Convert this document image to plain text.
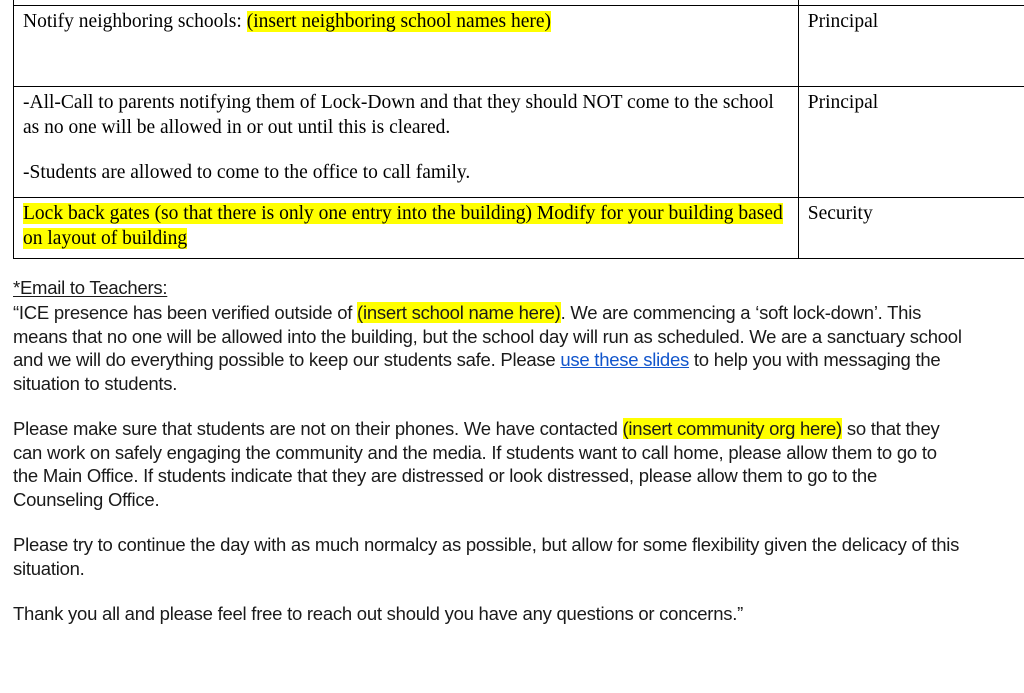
Notify neighboring schools: (insert neighboring school names here)	Principal

-All-Call to parents notifying them of Lock-Down and that they should NOT come to the school as no one will be allowed in or out until this is cleared.

-Students are allowed to come to the office to call family.	Principal

Lock back gates (so that there is only one entry into the building) Modify for your building based on layout of building	Security
*Email to Teachers:

“ICE presence has been verified outside of (insert school name here). We are commencing a ‘soft lock-down’. This means that no one will be allowed into the building, but the school day will run as scheduled. We are a sanctuary school and we will do everything possible to keep our students safe. Please use these slides to help you with messaging the situation to students.

Please make sure that students are not on their phones. We have contacted (insert community org here) so that they can work on safely engaging the community and the media. If students want to call home, please allow them to go to the Main Office. If students indicate that they are distressed or look distressed, please allow them to go to the Counseling Office.

Please try to continue the day with as much normalcy as possible, but allow for some flexibility given the delicacy of this situation.

Thank you all and please feel free to reach out should you have any questions or concerns.”
